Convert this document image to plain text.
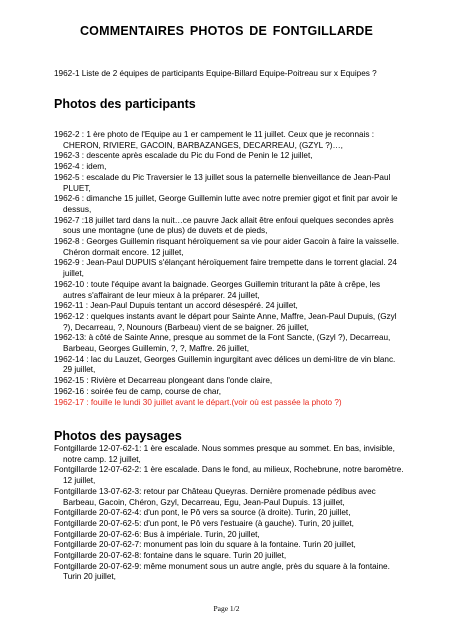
COMMENTAIRES PHOTOS DE FONTGILLARDE
1962-1 Liste de 2 équipes de participants Equipe-Billard Equipe-Poitreau sur x Equipes ?
Photos des participants
1962-2 : 1 ère photo de l'Equipe au 1 er campement le 11 juillet. Ceux que je reconnais : CHERON, RIVIERE, GACOIN, BARBAZANGES, DECARREAU, (GZYL ?)…,
1962-3 : descente après escalade du Pic du Fond de Penin le 12 juillet,
1962-4 : idem,
1962-5 : escalade du Pic Traversier le 13 juillet sous la paternelle bienveillance de Jean-Paul PLUET,
1962-6 : dimanche 15 juillet, George Guillemin lutte avec notre premier gigot et finit par avoir le dessus,
1962-7 :18 juillet tard dans la nuit…ce pauvre Jack allait être enfoui quelques secondes après sous une montagne (une de plus) de duvets et de pieds,
1962-8 : Georges Guillemin risquant héroïquement sa vie pour aider Gacoin à faire la vaisselle. Chéron dormait encore. 12 juillet,
1962-9 : Jean-Paul DUPUIS s'élançant héroïquement faire trempette dans le torrent glacial. 24 juillet,
1962-10 : toute l'équipe avant la baignade. Georges Guillemin triturant la pâte à crêpe, les autres s'affairant de leur mieux à la préparer. 24 juillet,
1962-11 : Jean-Paul Dupuis tentant un accord désespéré. 24 juillet,
1962-12 : quelques instants avant le départ pour Sainte Anne, Maffre, Jean-Paul Dupuis, (Gzyl ?), Decarreau, ?, Nounours (Barbeau) vient de se baigner. 26 juillet,
1962-13: à côté de Sainte Anne, presque au sommet de la Font Sancte, (Gzyl ?), Decarreau, Barbeau, Georges Guillemin, ?, ?, Maffre. 26 juillet,
1962-14 : lac du Lauzet, Georges Guillemin ingurgitant avec délices un demi-litre de vin blanc. 29 juillet,
1962-15 : Rivière et Decarreau plongeant dans l'onde claire,
1962-16 : soirée feu de camp, course de char,
1962-17 : fouille le lundi 30 juillet avant le départ.(voir où est passée la photo ?)
Photos des paysages
Fontgillarde 12-07-62-1: 1 ère escalade. Nous sommes presque au sommet. En bas, invisible, notre camp. 12 juillet,
Fontgillarde 12-07-62-2: 1 ère escalade. Dans le fond, au milieux, Rochebrune, notre baromètre. 12 juillet,
Fontgillarde 13-07-62-3: retour par Château Queyras. Dernière promenade pédibus avec Barbeau, Gacoin, Chéron, Gzyl, Decarreau, Egu, Jean-Paul Dupuis. 13 juillet,
Fontgillarde 20-07-62-4: d'un pont, le Pô vers sa source (à droite). Turin, 20 juillet,
Fontgillarde 20-07-62-5: d'un pont, le Pô vers l'estuaire (à gauche). Turin, 20 juillet,
Fontgillarde 20-07-62-6: Bus à impériale. Turin, 20 juillet,
Fontgillarde 20-07-62-7: monument pas loin du square à la fontaine. Turin 20 juillet,
Fontgillarde 20-07-62-8: fontaine dans le square. Turin 20 juillet,
Fontgillarde 20-07-62-9: même monument sous un autre angle, près du square à la fontaine. Turin 20 juillet,
Page 1/2
